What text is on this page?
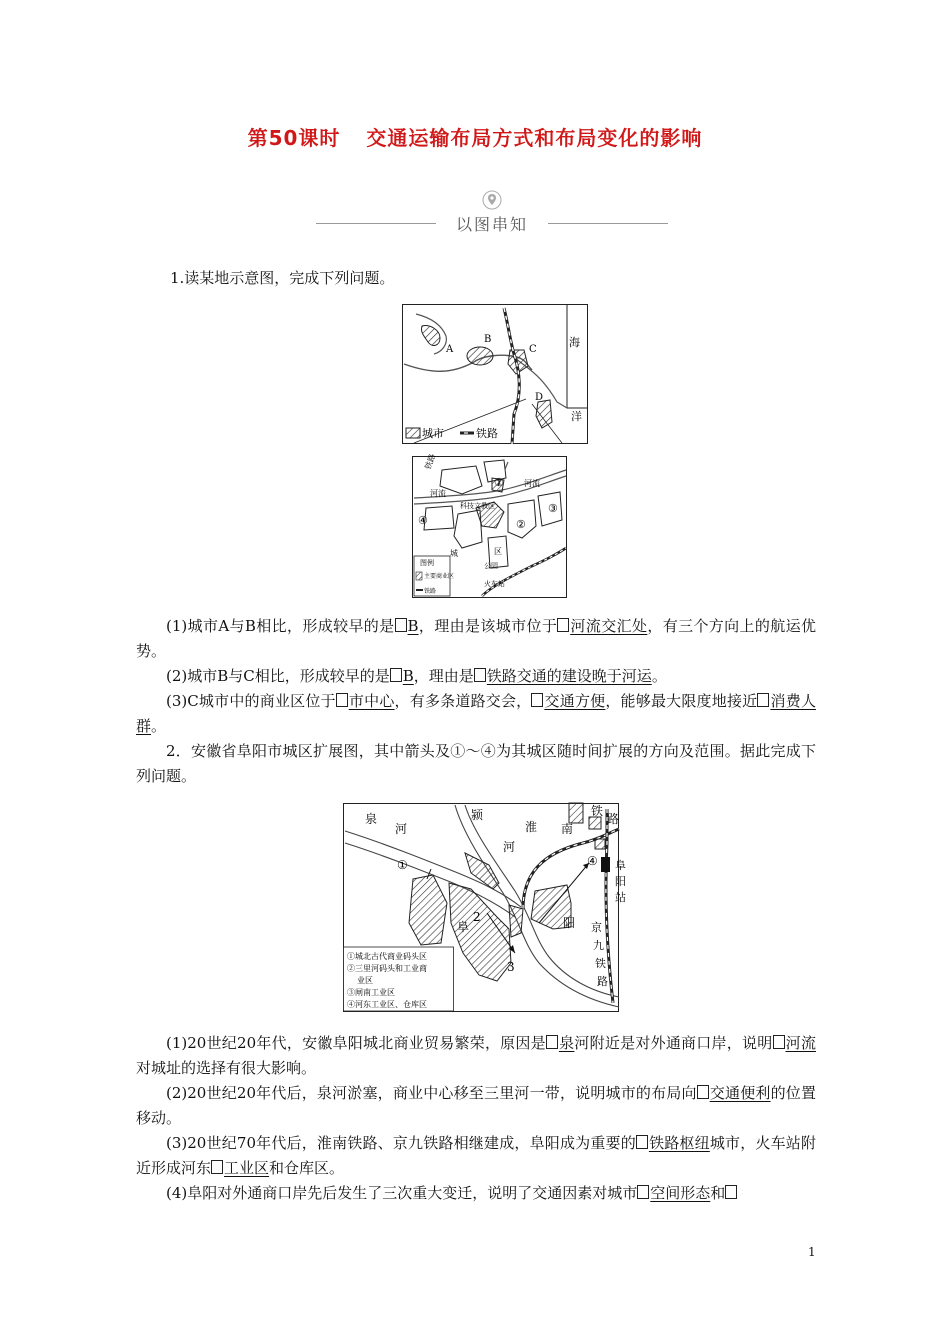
第50课时 交通运输布局方式和布局变化的影响
以图串知
1.读某地示意图，完成下列问题。
A
B
C
D
海
洋
城市	铁路
铁路
河流
河流
科技文教区
城	区
公园
火车站
①
②
③
④
图例
主要商业区
铁路
(1)城市A与B相比，形成较早的是 B，理由是该城市位于 河流交汇处，有三个方向上的航运优势。
(2)城市B与C相比，形成较早的是 B，理由是 铁路交通的建设晚于河运。
(3)C城市中的商业区位于 市中心，有多条道路交会， 交通方便，能够最大限度地接近 消费人群。
2．安徽省阜阳市城区扩展图，其中箭头及①～④为其城区随时间扩展的方向及范围。据此完成下列问题。
泉
河
颍
河
淮 南
铁
路
阜
阳
站
京
九
铁
路
阜	阳
①
2
3
④
①城北古代商业码头区
②三里河码头和工业商
业区
③闸南工业区
④河东工业区、仓库区
(1)20世纪20年代，安徽阜阳城北商业贸易繁荣，原因是 泉河附近是对外通商口岸，说明 河流对城址的选择有很大影响。
(2)20世纪20年代后，泉河淤塞，商业中心移至三里河一带，说明城市的布局向 交通便利的位置移动。
(3)20世纪70年代后，淮南铁路、京九铁路相继建成，阜阳成为重要的 铁路枢纽城市，火车站附近形成河东 工业区和仓库区。
(4)阜阳对外通商口岸先后发生了三次重大变迁，说明了交通因素对城市 空间形态和
1
